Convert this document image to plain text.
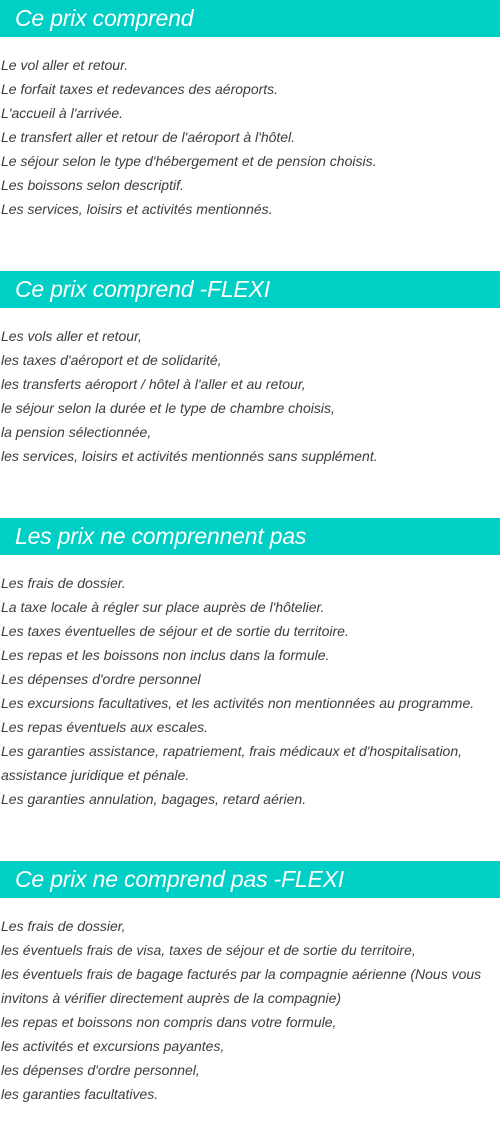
Ce prix comprend
Le vol aller et retour.
Le forfait taxes et redevances des aéroports.
L'accueil à l'arrivée.
Le transfert aller et retour de l'aéroport à l'hôtel.
Le séjour selon le type d'hébergement et de pension choisis.
Les boissons selon descriptif.
Les services, loisirs et activités mentionnés.
Ce prix comprend -FLEXI
Les vols aller et retour,
les taxes d'aéroport et de solidarité,
les transferts aéroport / hôtel à l'aller et au retour,
le séjour selon la durée et le type de chambre choisis,
la pension sélectionnée,
les services, loisirs et activités mentionnés sans supplément.
Les prix ne comprennent pas
Les frais de dossier.
La taxe locale à régler sur place auprès de l'hôtelier.
Les taxes éventuelles de séjour et de sortie du territoire.
Les repas et les boissons non inclus dans la formule.
Les dépenses d'ordre personnel
Les excursions facultatives, et les activités non mentionnées au programme.
Les repas éventuels aux escales.
Les garanties assistance, rapatriement, frais médicaux et d'hospitalisation,
assistance juridique et pénale.
Les garanties annulation, bagages, retard aérien.
Ce prix ne comprend pas -FLEXI
Les frais de dossier,
les éventuels frais de visa, taxes de séjour et de sortie du territoire,
les éventuels frais de bagage facturés par la compagnie aérienne (Nous vous
invitons à vérifier directement auprès de la compagnie)
les repas et boissons non compris dans votre formule,
les activités et excursions payantes,
les dépenses d'ordre personnel,
les garanties facultatives.
